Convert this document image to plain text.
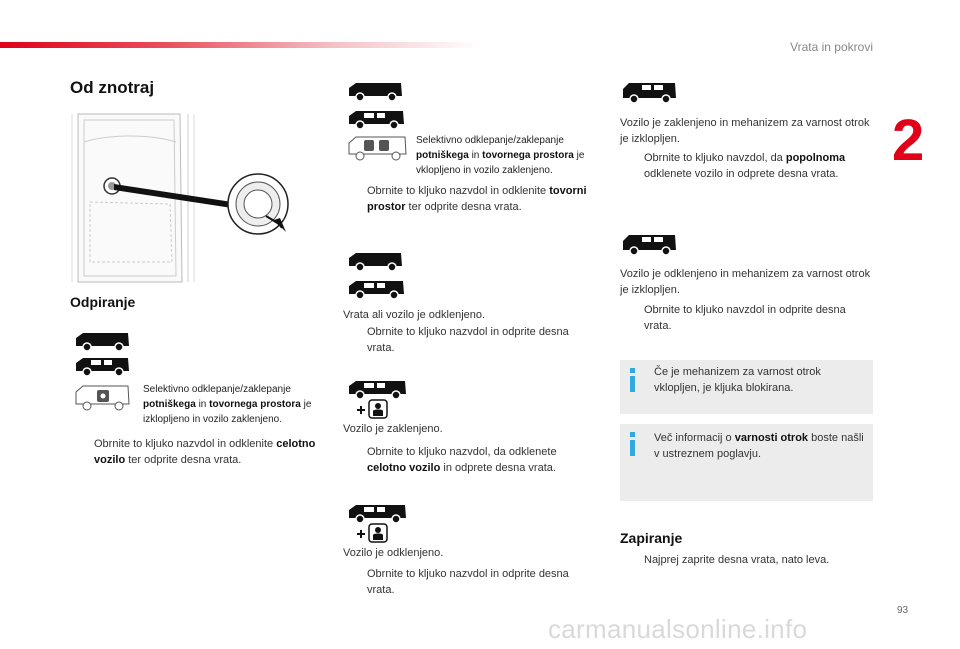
Vrata in pokrovi
2
Od znotraj
Odpiranje
Selektivno odklepanje/zaklepanje potniškega in tovornega prostora je izklopljeno in vozilo zaklenjeno.
Obrnite to kljuko nazvdol in odklenite celotno vozilo ter odprite desna vrata.
Selektivno odklepanje/zaklepanje potniškega in tovornega prostora je vklopljeno in vozilo zaklenjeno.
Obrnite to kljuko nazvdol in odklenite tovorni prostor ter odprite desna vrata.
Vrata ali vozilo je odklenjeno.
Obrnite to kljuko nazvdol in odprite desna vrata.
Vozilo je zaklenjeno.
Obrnite to kljuko nazvdol, da odklenete celotno vozilo in odprete desna vrata.
Vozilo je odklenjeno.
Obrnite to kljuko nazvdol in odprite desna vrata.
Vozilo je zaklenjeno in mehanizem za varnost otrok je izklopljen.
Obrnite to kljuko navzdol, da popolnoma odklenete vozilo in odprete desna vrata.
Vozilo je odklenjeno in mehanizem za varnost otrok je izklopljen.
Obrnite to kljuko navzdol in odprite desna vrata.
Če je mehanizem za varnost otrok vklopljen, je kljuka blokirana.
Več informacij o varnosti otrok boste našli v ustreznem poglavju.
Zapiranje
Najprej zaprite desna vrata, nato leva.
93
carmanualsonline.info
